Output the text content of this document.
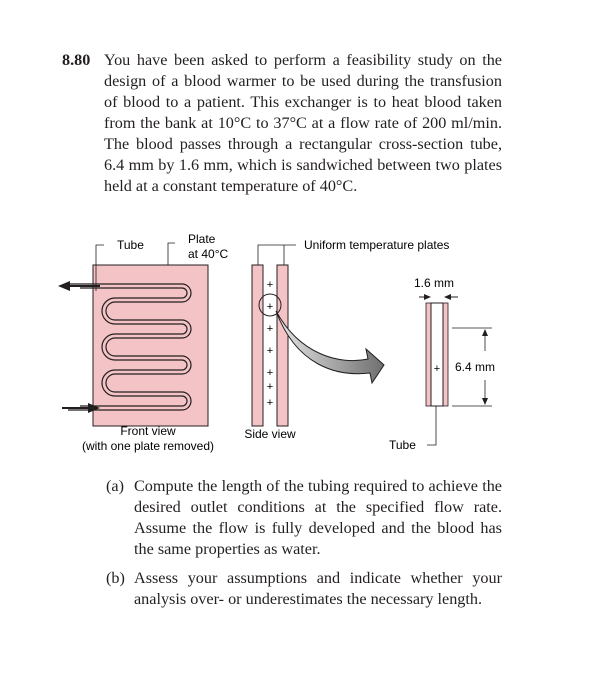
8.80 You have been asked to perform a feasibility study on the design of a blood warmer to be used during the transfusion of blood to a patient. This exchanger is to heat blood taken from the bank at 10°C to 37°C at a flow rate of 200 ml/min. The blood passes through a rectangular cross-section tube, 6.4 mm by 1.6 mm, which is sandwiched between two plates held at a constant temperature of 40°C.
Tube	Plate
at 40°C
+
+
+
+
+
+
+
Uniform temperature plates
+
1.6 mm
6.4 mm
Tube
Front view
(with one plate removed)
Side view
(a) Compute the length of the tubing required to achieve the desired outlet conditions at the specified flow rate. Assume the flow is fully developed and the blood has the same properties as water.
(b) Assess your assumptions and indicate whether your analysis over- or underestimates the necessary length.
